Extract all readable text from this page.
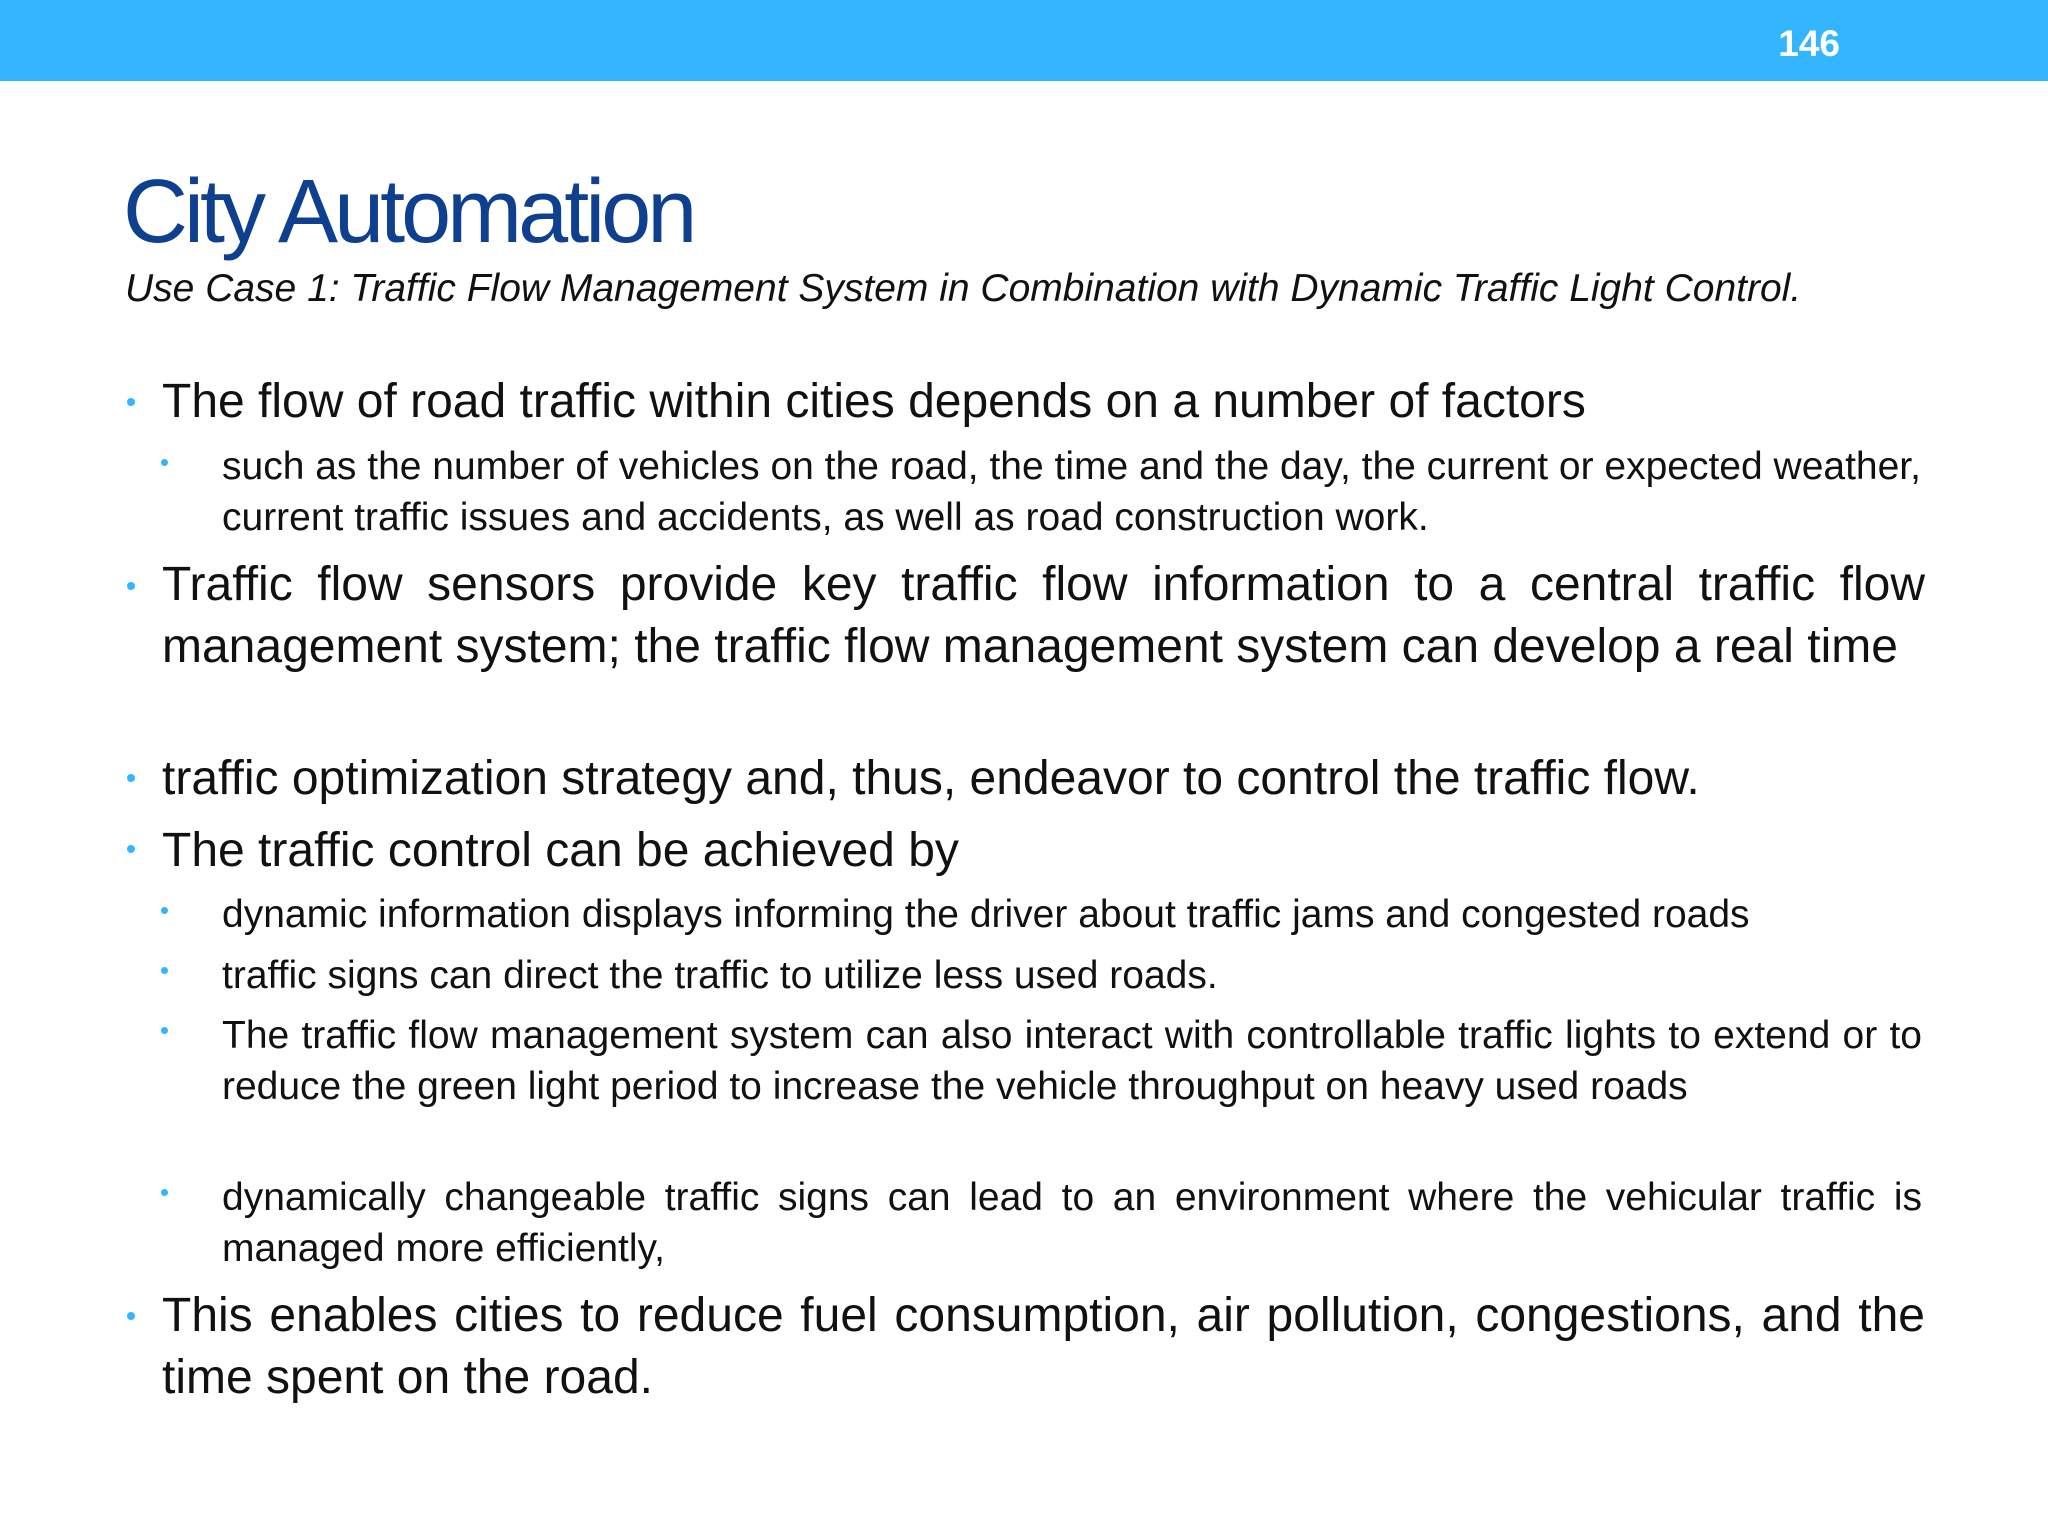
146
City Automation
Use Case 1: Traffic Flow Management System in Combination with Dynamic Traffic Light Control.
The flow of road traffic within cities depends on a number of factors
such as the number of vehicles on the road, the time and the day, the current or expected weather, current traffic issues and accidents, as well as road construction work.
Traffic flow sensors provide key traffic flow information to a central traffic flow management system; the traffic flow management system can develop a real time
traffic optimization strategy and, thus, endeavor to control the traffic flow.
The traffic control can be achieved by
dynamic information displays informing the driver about traffic jams and congested roads
traffic signs can direct the traffic to utilize less used roads.
The traffic flow management system can also interact with controllable traffic lights to extend or to reduce the green light period to increase the vehicle throughput on heavy used roads
dynamically changeable traffic signs can lead to an environment where the vehicular traffic is managed more efficiently,
This enables cities to reduce fuel consumption, air pollution, congestions, and the time spent on the road.
